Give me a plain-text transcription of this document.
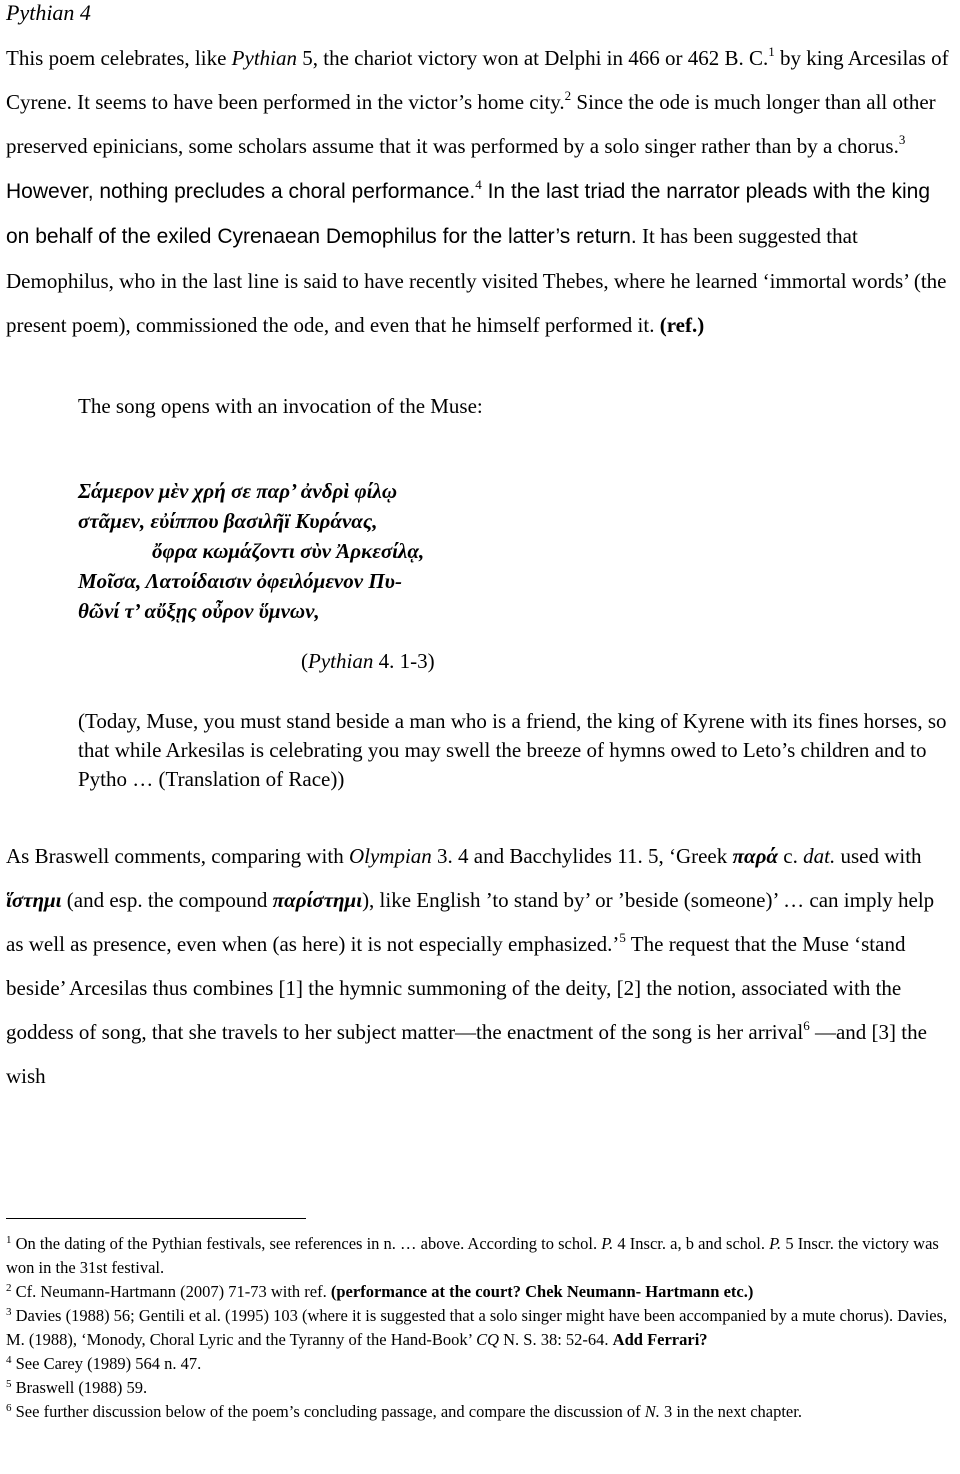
Pythian 4
This poem celebrates, like Pythian 5, the chariot victory won at Delphi in 466 or 462 B. C.$^1$ by king Arcesilas of Cyrene. It seems to have been performed in the victor’s home city.$^2$ Since the ode is much longer than all other preserved epinicians, some scholars assume that it was performed by a solo singer rather than by a chorus.$^3$ However, nothing precludes a choral performance.$^4$ In the last triad the narrator pleads with the king on behalf of the exiled Cyrenaean Demophilus for the latter’s return. It has been suggested that Demophilus, who in the last line is said to have recently visited Thebes, where he learned ‘immortal words’ (the present poem), commissioned the ode, and even that he himself performed it. (ref.)
The song opens with an invocation of the Muse:
Σάμερον μὲν χρή σε παρ’ ἀνδρὶ φίλῳ
στᾶμεν, εὐίππου βασιλῆϊ Κυράνας,
ὄφρα κωμάζοντι σὺν Ἀρκεσίλᾳ,
Μοῖσα, Λατοίδαισιν ὀφειλόμενον Πυ-
θῶνί τ’ αὔξῃς οὖρον ὕμνων,
(Pythian 4. 1-3)
(Today, Muse, you must stand beside a man who is a friend, the king of Kyrene with its fines horses, so that while Arkesilas is celebrating you may swell the breeze of hymns owed to Leto’s children and to Pytho … (Translation of Race))
As Braswell comments, comparing with Olympian 3. 4 and Bacchylides 11. 5, ‘Greek παρά c. dat. used with ἵστημι (and esp. the compound παρίστημι), like English ’to stand by’ or ’beside (someone)’ … can imply help as well as presence, even when (as here) it is not especially emphasized.’$^5$ The request that the Muse ‘stand beside’ Arcesilas thus combines [1] the hymnic summoning of the deity, [2] the notion, associated with the goddess of song, that she travels to her subject matter—the enactment of the song is her arrival$^6$ —and [3] the wish

$^1$ On the dating of the Pythian festivals, see references in n. … above. According to schol. P. 4 Inscr. a, b and schol. P. 5 Inscr. the victory was won in the 31st festival.

$^2$ Cf. Neumann-Hartmann (2007) 71-73 with ref. (performance at the court? Chek Neumann- Hartmann etc.)

$^3$ Davies (1988) 56; Gentili et al. (1995) 103 (where it is suggested that a solo singer might have been accompanied by a mute chorus). Davies, M. (1988), ‘Monody, Choral Lyric and the Tyranny of the Hand-Book’ CQ N. S. 38: 52-64. Add Ferrari?

$^4$ See Carey (1989) 564 n. 47.

$^5$ Braswell (1988) 59.

$^6$ See further discussion below of the poem’s concluding passage, and compare the discussion of N. 3 in the next chapter.
